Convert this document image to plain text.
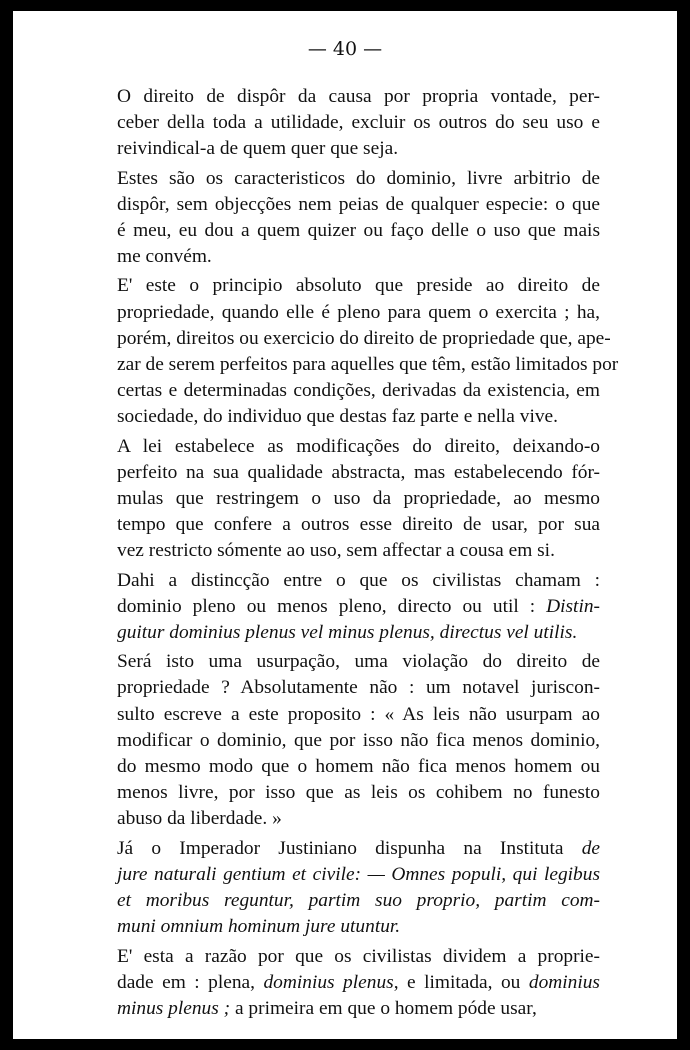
— 40 —

O direito de dispôr da causa por propria vontade, per-
ceber della toda a utilidade, excluir os outros do seu uso e
reivindical-a de quem quer que seja.

Estes são os caracteristicos do dominio, livre arbitrio de
dispôr, sem objecções nem peias de qualquer especie: o que
é meu, eu dou a quem quizer ou faço delle o uso que mais
me convém.

E' este o principio absoluto que preside ao direito de
propriedade, quando elle é pleno para quem o exercita ; ha,
porém, direitos ou exercicio do direito de propriedade que, ape-
zar de serem perfeitos para aquelles que têm, estão limitados por
certas e determinadas condições, derivadas da existencia, em
sociedade, do individuo que destas faz parte e nella vive.

A lei estabelece as modificações do direito, deixando-o
perfeito na sua qualidade abstracta, mas estabelecendo fór-
mulas que restringem o uso da propriedade, ao mesmo
tempo que confere a outros esse direito de usar, por sua
vez restricto sómente ao uso, sem affectar a cousa em si.

Dahi a distincção entre o que os civilistas chamam :
dominio pleno ou menos pleno, directo ou util : Distin-
guitur dominius plenus vel minus plenus, directus vel utilis.

Será isto uma usurpação, uma violação do direito de
propriedade ? Absolutamente não : um notavel juriscon-
sulto escreve a este proposito : « As leis não usurpam ao
modificar o dominio, que por isso não fica menos dominio,
do mesmo modo que o homem não fica menos homem ou
menos livre, por isso que as leis os cohibem no funesto
abuso da liberdade. »

Já o Imperador Justiniano dispunha na Instituta de
jure naturali gentium et civile: — Omnes populi, qui legibus
et moribus reguntur, partim suo proprio, partim com-
muni omnium hominum jure utuntur.

E' esta a razão por que os civilistas dividem a proprie-
dade em : plena, dominius plenus, e limitada, ou dominius
minus plenus ; a primeira em que o homem póde usar,
